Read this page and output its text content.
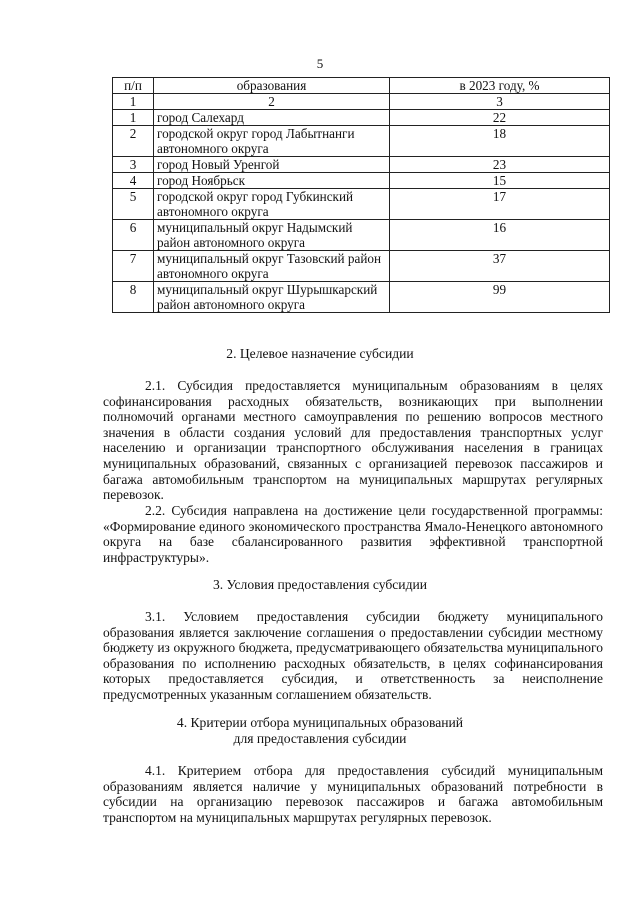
5
п/п	образования	в 2023 году, %
1	2	3
1	город Салехард	22
2	городской округ город Лабытнанги автономного округа	18
3	город Новый Уренгой	23
4	город Ноябрьск	15
5	городской округ город Губкинский автономного округа	17
6	муниципальный округ Надымский район автономного округа	16
7	муниципальный округ Тазовский район автономного округа	37
8	муниципальный округ Шурышкарский район автономного округа	99
2. Целевое назначение субсидии
2.1. Субсидия предоставляется муниципальным образованиям в целях софинансирования расходных обязательств, возникающих при выполнении полномочий органами местного самоуправления по решению вопросов местного значения в области создания условий для предоставления транспортных услуг населению и организации транспортного обслуживания населения в границах муниципальных образований, связанных с организацией перевозок пассажиров и багажа автомобильным транспортом на муниципальных маршрутах регулярных перевозок.
2.2. Субсидия направлена на достижение цели государственной программы: «Формирование единого экономического пространства Ямало-Ненецкого автономного округа на базе сбалансированного развития эффективной транспортной инфраструктуры».
3. Условия предоставления субсидии
3.1. Условием предоставления субсидии бюджету муниципального образования является заключение соглашения о предоставлении субсидии местному бюджету из окружного бюджета, предусматривающего обязательства муниципального образования по исполнению расходных обязательств, в целях софинансирования которых предоставляется субсидия, и ответственность за неисполнение предусмотренных указанным соглашением обязательств.
4. Критерии отбора муниципальных образований
для предоставления субсидии
4.1. Критерием отбора для предоставления субсидий муниципальным образованиям является наличие у муниципальных образований потребности в субсидии на организацию перевозок пассажиров и багажа автомобильным транспортом на муниципальных маршрутах регулярных перевозок.
